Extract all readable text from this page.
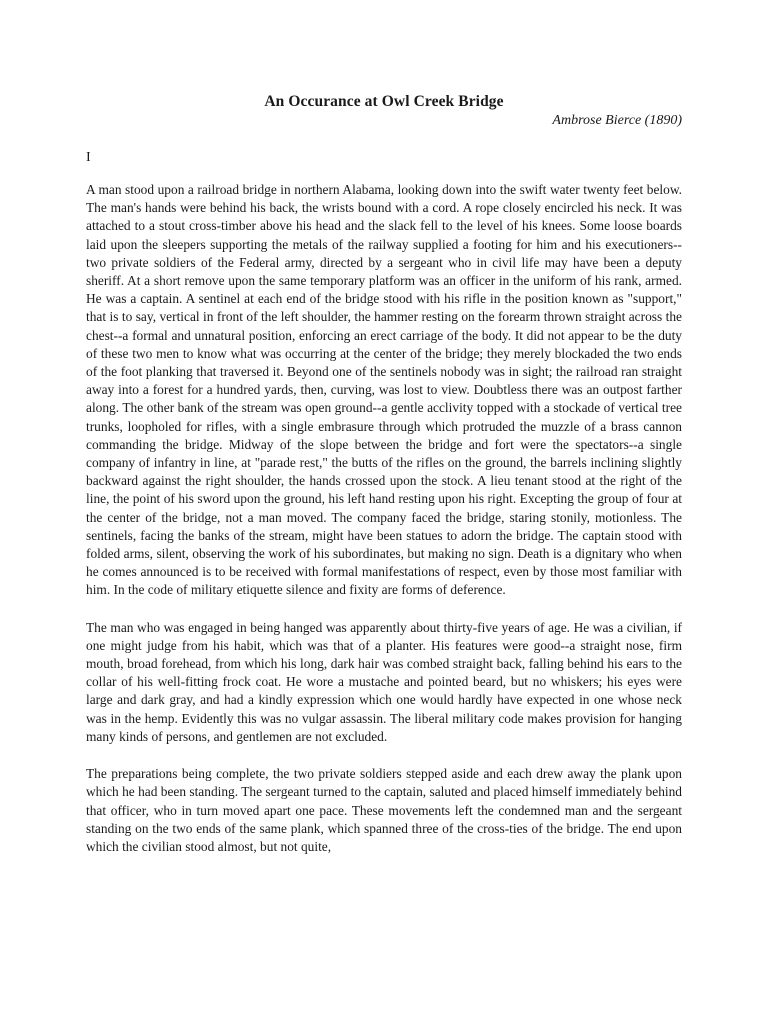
An Occurance at Owl Creek Bridge
Ambrose Bierce (1890)
I

A man stood upon a railroad bridge in northern Alabama, looking down into the swift water twenty feet below. The man's hands were behind his back, the wrists bound with a cord. A rope closely encircled his neck. It was attached to a stout cross-timber above his head and the slack fell to the level of his knees. Some loose boards laid upon the sleepers supporting the metals of the railway supplied a footing for him and his executioners--two private soldiers of the Federal army, directed by a sergeant who in civil life may have been a deputy sheriff. At a short remove upon the same temporary platform was an officer in the uniform of his rank, armed. He was a captain. A sentinel at each end of the bridge stood with his rifle in the position known as "support," that is to say, vertical in front of the left shoulder, the hammer resting on the forearm thrown straight across the chest--a formal and unnatural position, enforcing an erect carriage of the body. It did not appear to be the duty of these two men to know what was occurring at the center of the bridge; they merely blockaded the two ends of the foot planking that traversed it. Beyond one of the sentinels nobody was in sight; the railroad ran straight away into a forest for a hundred yards, then, curving, was lost to view. Doubtless there was an outpost farther along. The other bank of the stream was open ground--a gentle acclivity topped with a stockade of vertical tree trunks, loopholed for rifles, with a single embrasure through which protruded the muzzle of a brass cannon commanding the bridge. Midway of the slope between the bridge and fort were the spectators--a single company of infantry in line, at "parade rest," the butts of the rifles on the ground, the barrels inclining slightly backward against the right shoulder, the hands crossed upon the stock. A lieu tenant stood at the right of the line, the point of his sword upon the ground, his left hand resting upon his right. Excepting the group of four at the center of the bridge, not a man moved. The company faced the bridge, staring stonily, motionless. The sentinels, facing the banks of the stream, might have been statues to adorn the bridge. The captain stood with folded arms, silent, observing the work of his subordinates, but making no sign. Death is a dignitary who when he comes announced is to be received with formal manifestations of respect, even by those most familiar with him. In the code of military etiquette silence and fixity are forms of deference.

The man who was engaged in being hanged was apparently about thirty-five years of age. He was a civilian, if one might judge from his habit, which was that of a planter. His features were good--a straight nose, firm mouth, broad forehead, from which his long, dark hair was combed straight back, falling behind his ears to the collar of his well-fitting frock coat. He wore a mustache and pointed beard, but no whiskers; his eyes were large and dark gray, and had a kindly expression which one would hardly have expected in one whose neck was in the hemp. Evidently this was no vulgar assassin. The liberal military code makes provision for hanging many kinds of persons, and gentlemen are not excluded.

The preparations being complete, the two private soldiers stepped aside and each drew away the plank upon which he had been standing. The sergeant turned to the captain, saluted and placed himself immediately behind that officer, who in turn moved apart one pace. These movements left the condemned man and the sergeant standing on the two ends of the same plank, which spanned three of the cross-ties of the bridge. The end upon which the civilian stood almost, but not quite,
